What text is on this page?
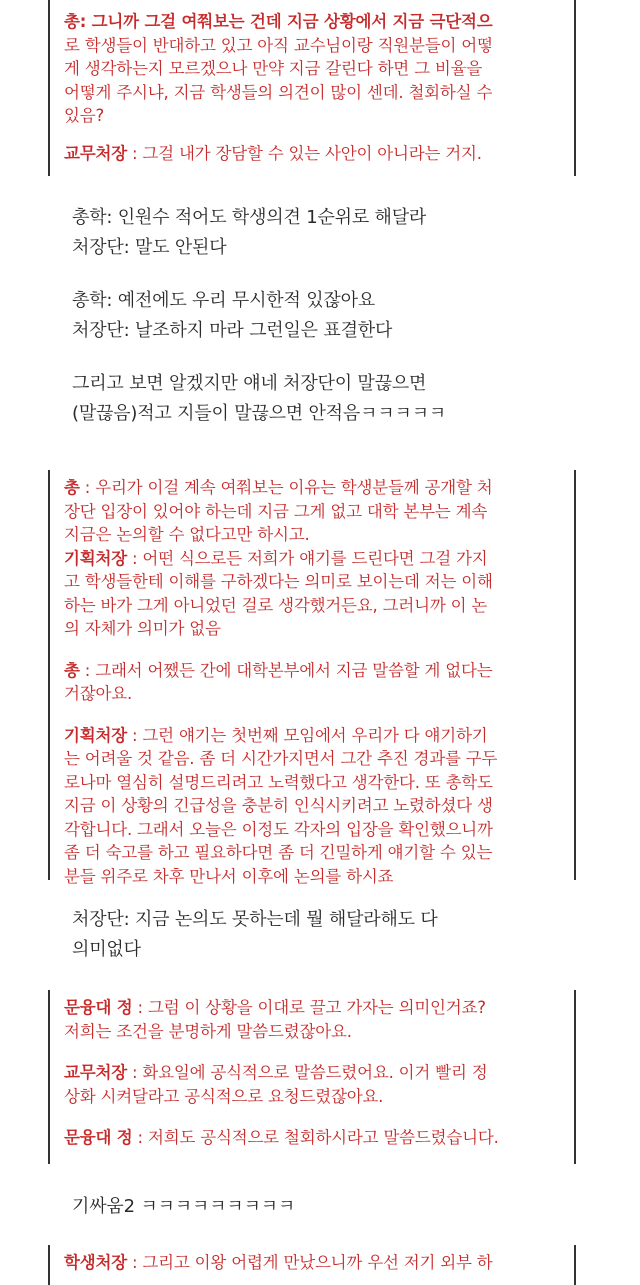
총: 그니까 그걸 여쭤보는 건데 지금 상황에서 지금 극단적으

로 학생들이 반대하고 있고 아직 교수님이랑 직원분들이 어떻

게 생각하는지 모르겠으나 만약 지금 갈린다 하면 그 비율을

어떻게 주시냐, 지금 학생들의 의견이 많이 센데. 철회하실 수

있음?

교무처장 : 그걸 내가 장담할 수 있는 사안이 아니라는 거지.

총학: 인원수 적어도 학생의견 1순위로 해달라

처장단: 말도 안된다

총학: 예전에도 우리 무시한적 있잖아요

처장단: 날조하지 마라 그런일은 표결한다

그리고 보면 알겠지만 얘네 처장단이 말끊으면

(말끊음)적고 지들이 말끊으면 안적음ㅋㅋㅋㅋㅋ

총 : 우리가 이걸 계속 여쭤보는 이유는 학생분들께 공개할 처

장단 입장이 있어야 하는데 지금 그게 없고 대학 본부는 계속

지금은 논의할 수 없다고만 하시고.

기획처장 : 어떤 식으로든 저희가 얘기를 드린다면 그걸 가지

고 학생들한테 이해를 구하겠다는 의미로 보이는데 저는 이해

하는 바가 그게 아니었던 걸로 생각했거든요, 그러니까 이 논

의 자체가 의미가 없음

총 : 그래서 어쨌든 간에 대학본부에서 지금 말씀할 게 없다는

거잖아요.

기획처장 : 그런 얘기는 첫번째 모임에서 우리가 다 얘기하기

는 어려울 것 같음. 좀 더 시간가지면서 그간 추진 경과를 구두

로나마 열심히 설명드리려고 노력했다고 생각한다. 또 총학도

지금 이 상황의 긴급성을 충분히 인식시키려고 노렸하셨다 생

각합니다. 그래서 오늘은 이정도 각자의 입장을 확인했으니까

좀 더 숙고를 하고 필요하다면 좀 더 긴밀하게 얘기할 수 있는

분들 위주로 차후 만나서 이후에 논의를 하시죠

처장단: 지금 논의도 못하는데 뭘 해달라해도 다

의미없다

문융대 정 : 그럼 이 상황을 이대로 끌고 가자는 의미인거죠?

저희는 조건을 분명하게 말씀드렸잖아요.

교무처장 : 화요일에 공식적으로 말씀드렸어요. 이거 빨리 정

상화 시켜달라고 공식적으로 요청드렸잖아요.

문융대 정 : 저희도 공식적으로 철회하시라고 말씀드렸습니다.

기싸움2 ㅋㅋㅋㅋㅋㅋㅋㅋㅋ

학생처장 : 그리고 이왕 어렵게 만났으니까 우선 저기 외부 하
